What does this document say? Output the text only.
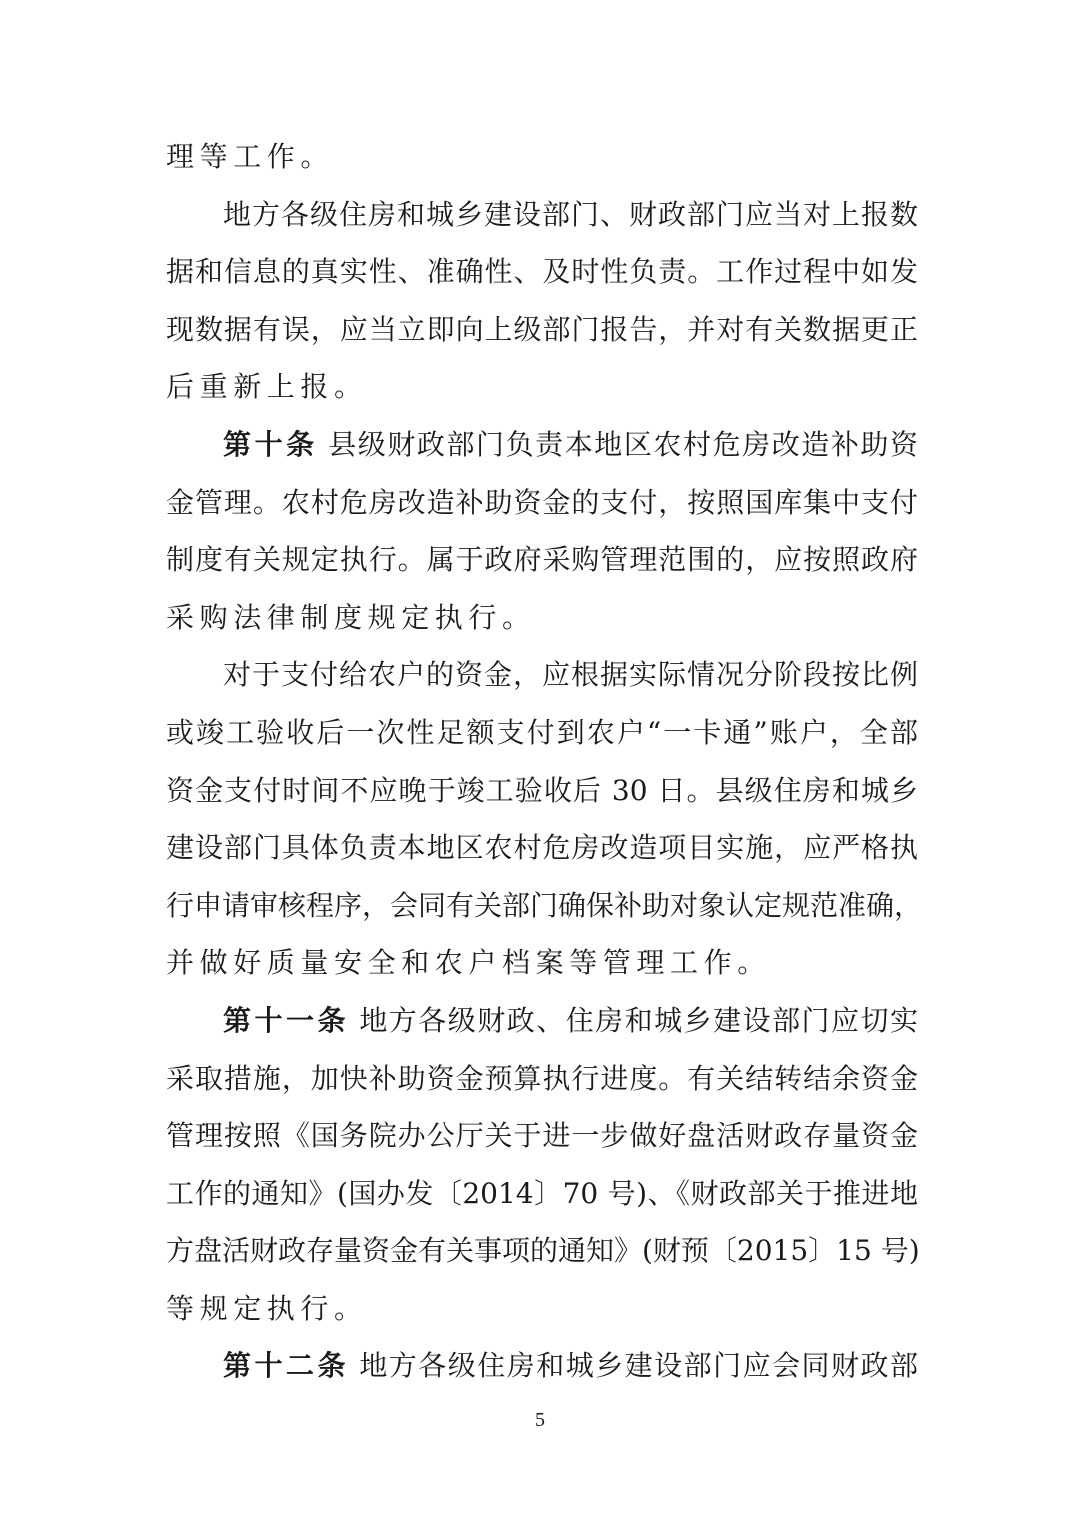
理等工作。
地方各级住房和城乡建设部门、财政部门应当对上报数
据和信息的真实性、准确性、及时性负责。工作过程中如发
现数据有误，应当立即向上级部门报告，并对有关数据更正
后重新上报。
第十条 县级财政部门负责本地区农村危房改造补助资
金管理。农村危房改造补助资金的支付，按照国库集中支付
制度有关规定执行。属于政府采购管理范围的，应按照政府
采购法律制度规定执行。
对于支付给农户的资金，应根据实际情况分阶段按比例
或竣工验收后一次性足额支付到农户“一卡通”账户，全部
资金支付时间不应晚于竣工验收后 30 日。县级住房和城乡
建设部门具体负责本地区农村危房改造项目实施，应严格执
行申请审核程序，会同有关部门确保补助对象认定规范准确，
并做好质量安全和农户档案等管理工作。
第十一条 地方各级财政、住房和城乡建设部门应切实
采取措施，加快补助资金预算执行进度。有关结转结余资金
管理按照《国务院办公厅关于进一步做好盘活财政存量资金
工作的通知》(国办发〔2014〕70 号)、《财政部关于推进地
方盘活财政存量资金有关事项的通知》(财预〔2015〕15 号)
等规定执行。
第十二条 地方各级住房和城乡建设部门应会同财政部
5
